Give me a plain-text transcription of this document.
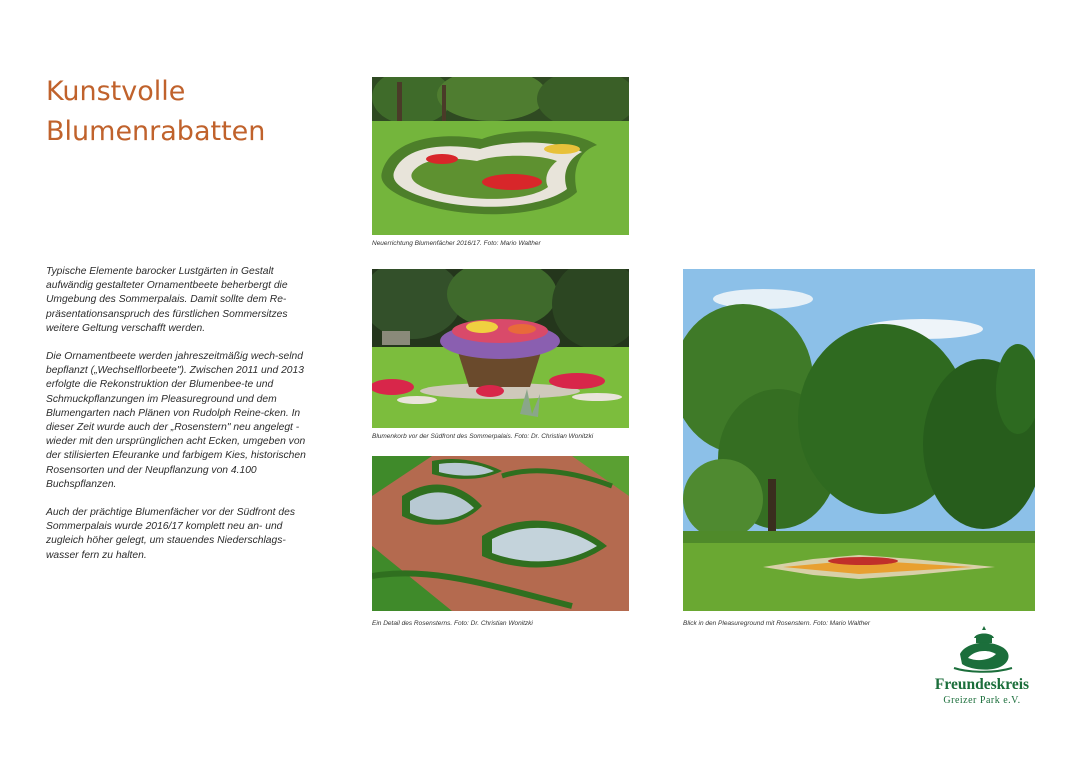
Kunstvolle
Blumenrabatten

Typische Elemente barocker Lustgärten in Gestalt aufwändig gestalteter Ornamentbeete beherbergt die Umgebung des Sommerpalais. Damit sollte dem Re-präsentationsanspruch des fürstlichen Sommersitzes weitere Geltung verschafft werden.

Die Ornamentbeete werden jahreszeitmäßig wech-selnd bepflanzt („Wechselflorbeete"). Zwischen 2011 und 2013 erfolgte die Rekonstruktion der Blumenbee-te und Schmuckpflanzungen im Pleasureground und dem Blumengarten nach Plänen von Rudolph Reine-cken. In dieser Zeit wurde auch der „Rosenstern" neu angelegt - wieder mit den ursprünglichen acht Ecken, umgeben von der stilisierten Efeuranke und farbigem Kies, historischen Rosensorten und der Neupflanzung von 4.100 Buchspflanzen.

Auch der prächtige Blumenfächer vor der Südfront des Sommerpalais wurde 2016/17 komplett neu an- und zugleich höher gelegt, um stauendes Niederschlags-wasser fern zu halten.

Neuerrichtung Blumenfächer 2016/17. Foto: Mario Walther
Blumenkorb vor der Südfront des Sommerpalais. Foto: Dr. Christian Wonitzki
Ein Detail des Rosensterns. Foto: Dr. Christian Wonitzki	Blick in den Pleasureground mit Rosenstern. Foto: Mario Walther
Freundeskreis
Greizer Park e.V.
